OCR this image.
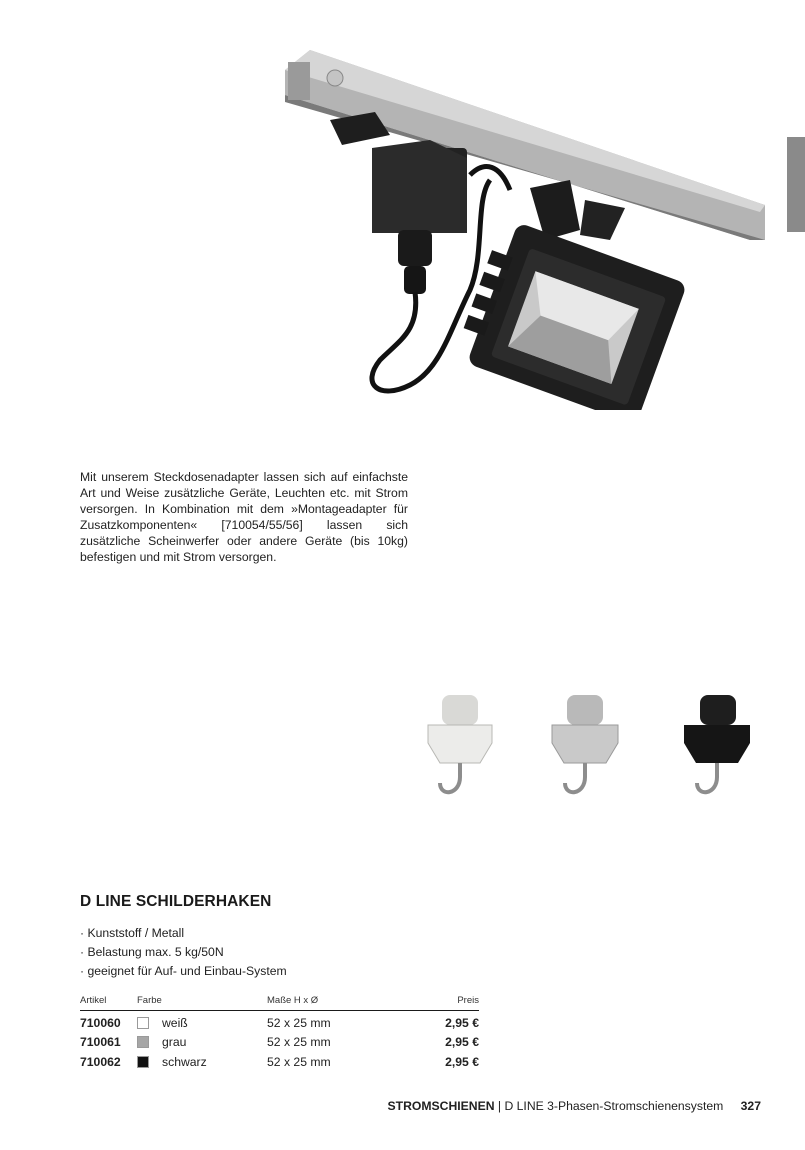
Mit unserem Steckdosenadapter lassen sich auf einfachste Art und Weise zusätzliche Geräte, Leuchten etc. mit Strom versorgen. In Kombination mit dem »Montageadapter für Zusatzkomponenten« [710054/55/56] lassen sich zusätzliche Scheinwerfer oder andere Geräte (bis 10kg) befestigen und mit Strom versorgen.

D LINE SCHILDERHAKEN
· Kunststoff / Metall
· Belastung max. 5 kg/50N
· geeignet für Auf- und Einbau-System
Artikel	Farbe	Maße H x Ø	Preis
710060	weiß	52 x 25 mm	2,95 €
710061	grau	52 x 25 mm	2,95 €
710062	schwarz	52 x 25 mm	2,95 €
STROMSCHIENEN | D LINE 3-Phasen-Stromschienensystem 327
